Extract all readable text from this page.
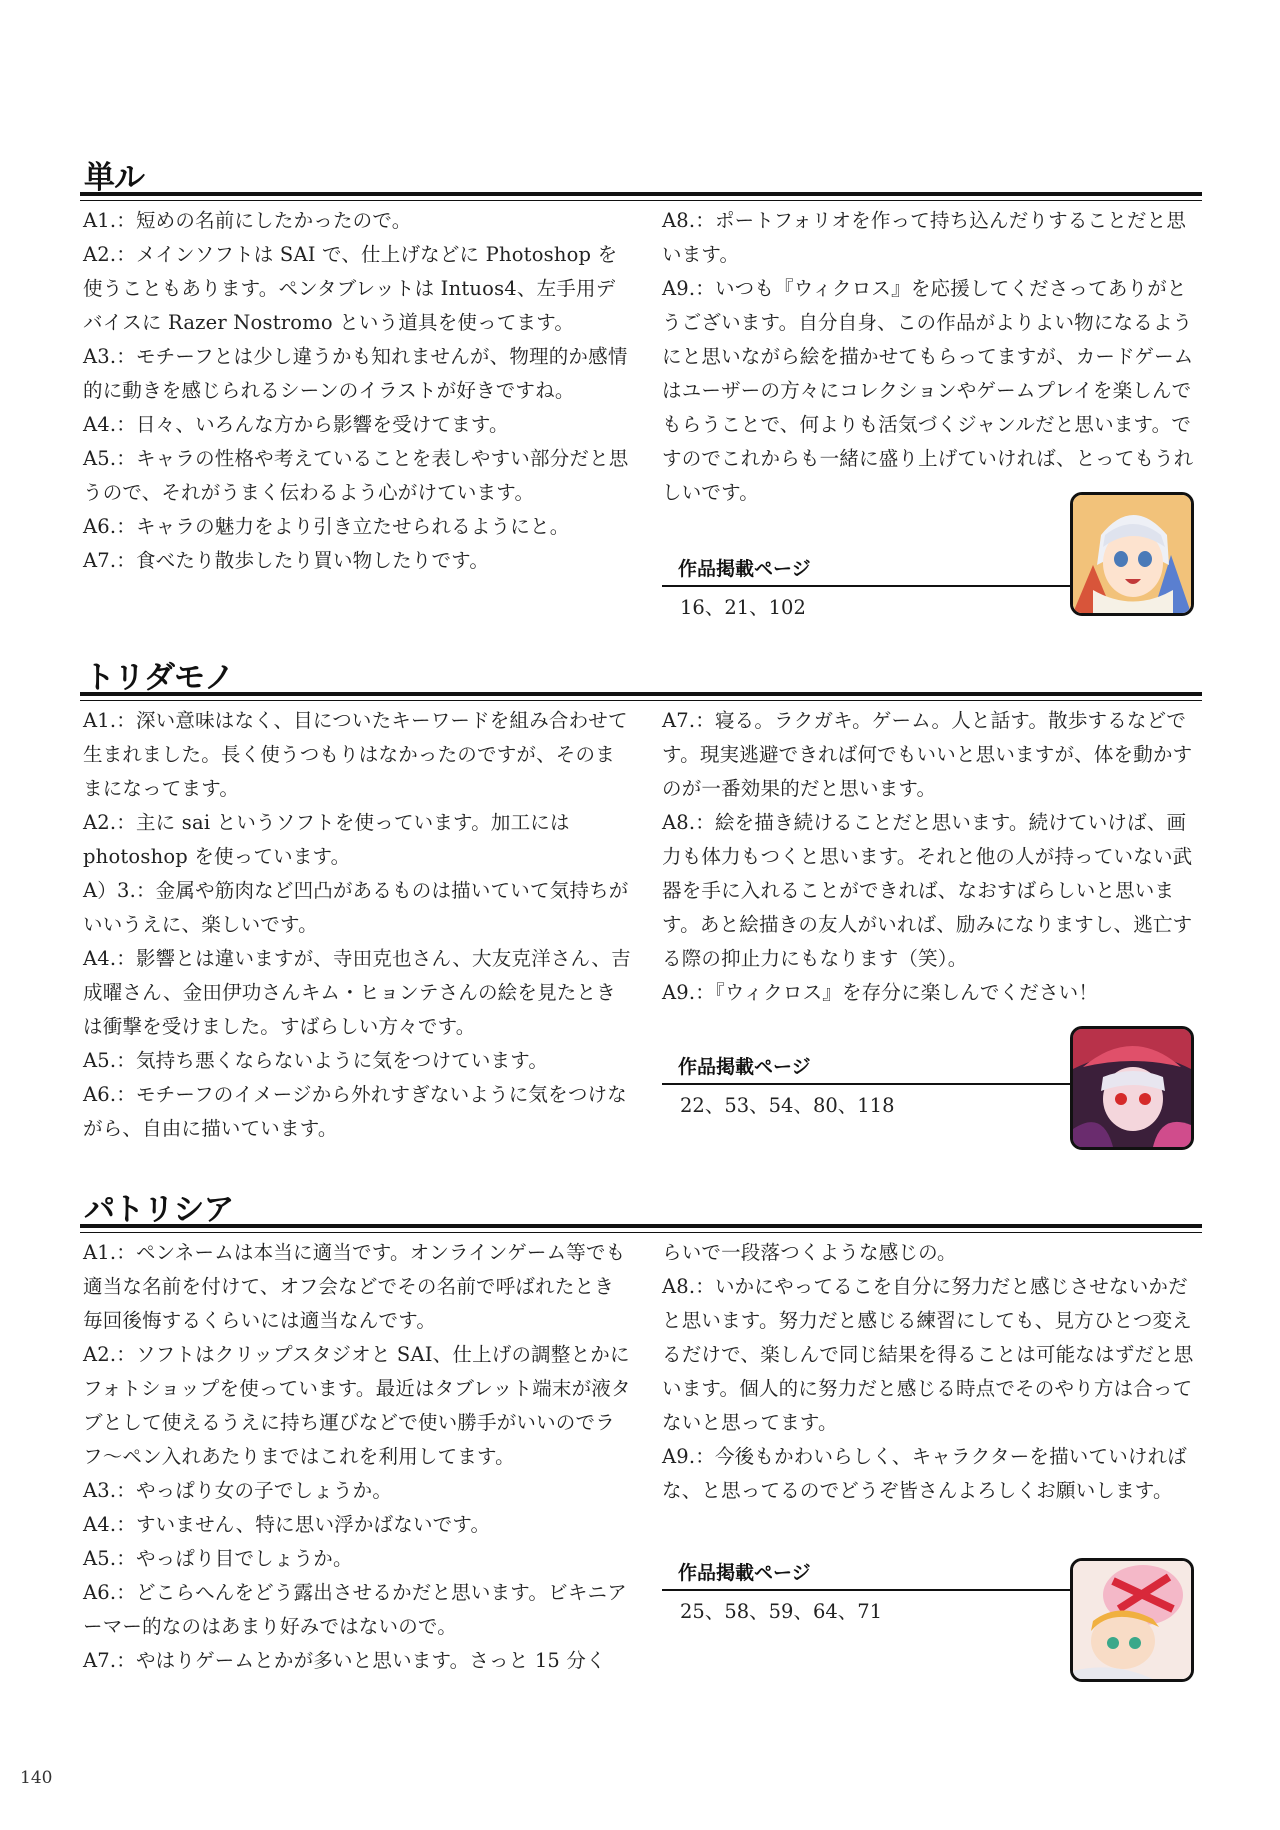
単ル

A1.：短めの名前にしたかったので。

A2.：メインソフトは SAI で、仕上げなどに Photoshop を使うこともあります。ペンタブレットは Intuos4、左手用デバイスに Razer Nostromo という道具を使ってます。

A3.：モチーフとは少し違うかも知れませんが、物理的か感情的に動きを感じられるシーンのイラストが好きですね。

A4.：日々、いろんな方から影響を受けてます。

A5.：キャラの性格や考えていることを表しやすい部分だと思うので、それがうまく伝わるよう心がけています。

A6.：キャラの魅力をより引き立たせられるようにと。

A7.：食べたり散歩したり買い物したりです。

A8.：ポートフォリオを作って持ち込んだりすることだと思います。

A9.：いつも『ウィクロス』を応援してくださってありがとうございます。自分自身、この作品がよりよい物になるようにと思いながら絵を描かせてもらってますが、カードゲームはユーザーの方々にコレクションやゲームプレイを楽しんでもらうことで、何よりも活気づくジャンルだと思います。ですのでこれからも一緒に盛り上げていければ、とってもうれしいです。

作品掲載ページ
16、21、102
トリダモノ

A1.：深い意味はなく、目についたキーワードを組み合わせて生まれました。長く使うつもりはなかったのですが、そのままになってます。

A2.：主に sai というソフトを使っています。加工には photoshop を使っています。

A）3.：金属や筋肉など凹凸があるものは描いていて気持ちがいいうえに、楽しいです。

A4.：影響とは違いますが、寺田克也さん、大友克洋さん、吉成曜さん、金田伊功さんキム・ヒョンテさんの絵を見たときは衝撃を受けました。すばらしい方々です。

A5.：気持ち悪くならないように気をつけています。

A6.：モチーフのイメージから外れすぎないように気をつけながら、自由に描いています。

A7.：寝る。ラクガキ。ゲーム。人と話す。散歩するなどです。現実逃避できれば何でもいいと思いますが、体を動かすのが一番効果的だと思います。

A8.：絵を描き続けることだと思います。続けていけば、画力も体力もつくと思います。それと他の人が持っていない武器を手に入れることができれば、なおすばらしいと思います。あと絵描きの友人がいれば、励みになりますし、逃亡する際の抑止力にもなります（笑）。

A9.：『ウィクロス』を存分に楽しんでください！

作品掲載ページ
22、53、54、80、118
パトリシア

A1.：ペンネームは本当に適当です。オンラインゲーム等でも適当な名前を付けて、オフ会などでその名前で呼ばれたとき毎回後悔するくらいには適当なんです。

A2.：ソフトはクリップスタジオと SAI、仕上げの調整とかにフォトショップを使っています。最近はタブレット端末が液タブとして使えるうえに持ち運びなどで使い勝手がいいのでラフ～ペン入れあたりまではこれを利用してます。

A3.：やっぱり女の子でしょうか。

A4.：すいません、特に思い浮かばないです。

A5.：やっぱり目でしょうか。

A6.：どこらへんをどう露出させるかだと思います。ビキニアーマー的なのはあまり好みではないので。

A7.：やはりゲームとかが多いと思います。さっと 15 分く

らいで一段落つくような感じの。

A8.：いかにやってるこを自分に努力だと感じさせないかだと思います。努力だと感じる練習にしても、見方ひとつ変えるだけで、楽しんで同じ結果を得ることは可能なはずだと思います。個人的に努力だと感じる時点でそのやり方は合ってないと思ってます。

A9.：今後もかわいらしく、キャラクターを描いていければな、と思ってるのでどうぞ皆さんよろしくお願いします。

作品掲載ページ
25、58、59、64、71
140
